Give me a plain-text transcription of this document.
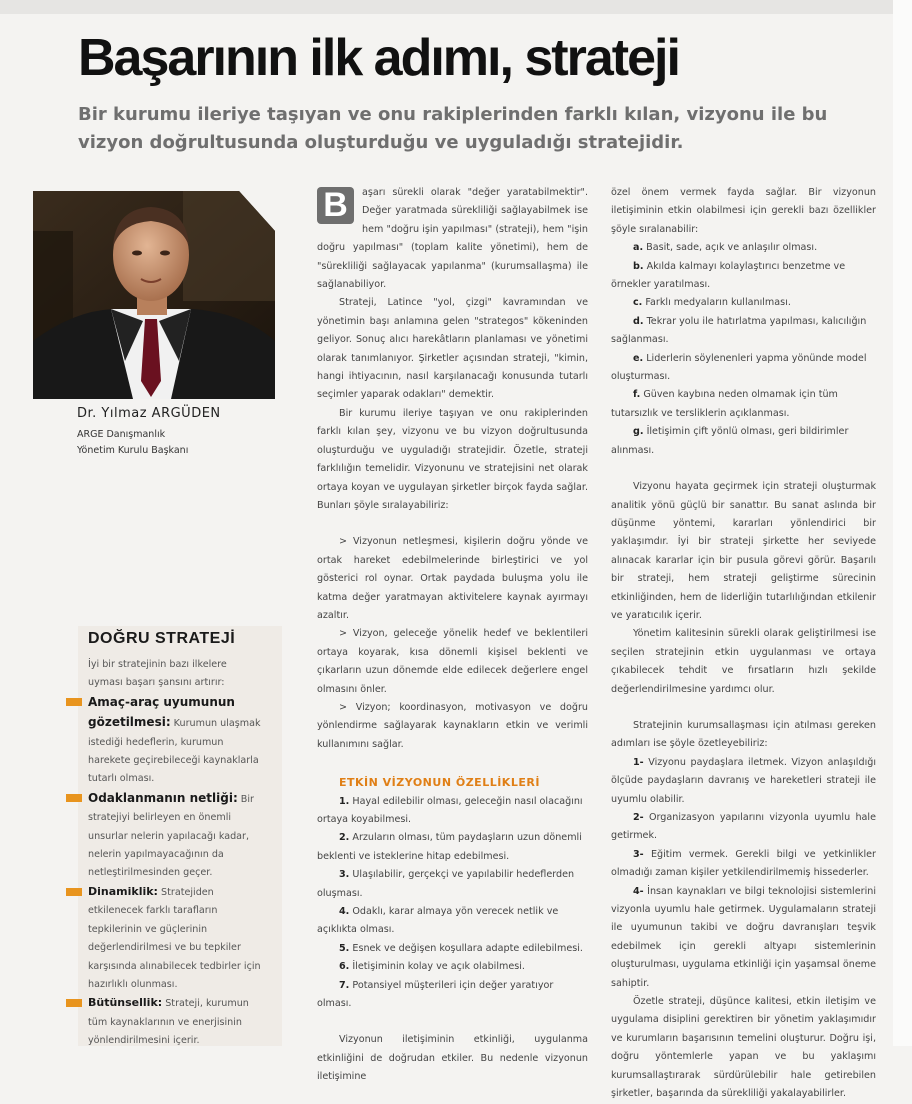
Başarının ilk adımı, strateji

Bir kurumu ileriye taşıyan ve onu rakiplerinden farklı kılan, vizyonu ile bu vizyon doğrultusunda oluşturduğu ve uyguladığı stratejidir.

Dr. Yılmaz ARGÜDEN
ARGE Danışmanlık
Yönetim Kurulu Başkanı
DOĞRU STRATEJİ

İyi bir stratejinin bazı ilkelere uyması başarı şansını artırır:

Amaç-araç uyumunun gözetilmesi: Kurumun ulaşmak istediği hedeflerin, kurumun harekete geçirebileceği kaynaklarla tutarlı olması.

Odaklanmanın netliği: Bir stratejiyi belirleyen en önemli unsurlar nelerin yapılacağı kadar, nelerin yapılmayacağının da netleştirilmesinden geçer.

Dinamiklik: Stratejiden etkilenecek farklı tarafların tepkilerinin ve güçlerinin değerlendirilmesi ve bu tepkiler karşısında alınabilecek tedbirler için hazırlıklı olunması.

Bütünsellik: Strateji, kurumun tüm kaynaklarının ve enerjisinin yönlendirilmesini içerir.

B	aşarı sürekli olarak "değer yaratabilmektir". Değer yaratmada sürekliliği sağlayabilmek ise hem "doğru işin yapılması" (strateji), hem "işin doğru yapılması" (toplam kalite yönetimi), hem de "sürekliliği sağlayacak yapılanma" (kurumsallaşma) ile sağlanabiliyor.

Strateji, Latince "yol, çizgi" kavramından ve yönetimin başı anlamına gelen "strategos" kökeninden geliyor. Sonuç alıcı harekâtların planlaması ve yönetimi olarak tanımlanıyor. Şirketler açısından strateji, "kimin, hangi ihtiyacının, nasıl karşılanacağı konusunda tutarlı seçimler yaparak odakları" demektir.

Bir kurumu ileriye taşıyan ve onu rakiplerinden farklı kılan şey, vizyonu ve bu vizyon doğrultusunda oluşturduğu ve uyguladığı stratejidir. Özetle, strateji farklılığın temelidir. Vizyonunu ve stratejisini net olarak ortaya koyan ve uygulayan şirketler birçok fayda sağlar. Bunları şöyle sıralayabiliriz:

> Vizyonun netleşmesi, kişilerin doğru yönde ve ortak hareket edebilmelerinde birleştirici ve yol gösterici rol oynar. Ortak paydada buluşma yolu ile katma değer yaratmayan aktivitelere kaynak ayırmayı azaltır.

> Vizyon, geleceğe yönelik hedef ve beklentileri ortaya koyarak, kısa dönemli kişisel beklenti ve çıkarların uzun dönemde elde edilecek değerlere engel olmasını önler.

> Vizyon; koordinasyon, motivasyon ve doğru yönlendirme sağlayarak kaynakların etkin ve verimli kullanımını sağlar.

ETKİN VİZYONUN ÖZELLİKLERİ

1. Hayal edilebilir olması, geleceğin nasıl olacağını ortaya koyabilmesi.

2. Arzuların olması, tüm paydaşların uzun dönemli beklenti ve isteklerine hitap edebilmesi.

3. Ulaşılabilir, gerçekçi ve yapılabilir hedeflerden oluşması.

4. Odaklı, karar almaya yön verecek netlik ve açıklıkta olması.

5. Esnek ve değişen koşullara adapte edilebilmesi.

6. İletişiminin kolay ve açık olabilmesi.

7. Potansiyel müşterileri için değer yaratıyor olması.

Vizyonun iletişiminin etkinliği, uygulanma etkinliğini de doğrudan etkiler. Bu nedenle vizyonun iletişimine

özel önem vermek fayda sağlar. Bir vizyonun iletişiminin etkin olabilmesi için gerekli bazı özellikler şöyle sıralanabilir:

a. Basit, sade, açık ve anlaşılır olması.

b. Akılda kalmayı kolaylaştırıcı benzetme ve örnekler yaratılması.

c. Farklı medyaların kullanılması.

d. Tekrar yolu ile hatırlatma yapılması, kalıcılığın sağlanması.

e. Liderlerin söylenenleri yapma yönünde model oluşturması.

f. Güven kaybına neden olmamak için tüm tutarsızlık ve tersliklerin açıklanması.

g. İletişimin çift yönlü olması, geri bildirimler alınması.

Vizyonu hayata geçirmek için strateji oluşturmak analitik yönü güçlü bir sanattır. Bu sanat aslında bir düşünme yöntemi, kararları yönlendirici bir yaklaşımdır. İyi bir strateji şirkette her seviyede alınacak kararlar için bir pusula görevi görür. Başarılı bir strateji, hem strateji geliştirme sürecinin etkinliğinden, hem de liderliğin tutarlılığından etkilenir ve yaratıcılık içerir.

Yönetim kalitesinin sürekli olarak geliştirilmesi ise seçilen stratejinin etkin uygulanması ve ortaya çıkabilecek tehdit ve fırsatların hızlı şekilde değerlendirilmesine yardımcı olur.

Stratejinin kurumsallaşması için atılması gereken adımları ise şöyle özetleyebiliriz:

1- Vizyonu paydaşlara iletmek. Vizyon anlaşıldığı ölçüde paydaşların davranış ve hareketleri strateji ile uyumlu olabilir.

2- Organizasyon yapılarını vizyonla uyumlu hale getirmek.

3- Eğitim vermek. Gerekli bilgi ve yetkinlikler olmadığı zaman kişiler yetkilendirilmemiş hissederler.

4- İnsan kaynakları ve bilgi teknolojisi sistemlerini vizyonla uyumlu hale getirmek. Uygulamaların strateji ile uyumunun takibi ve doğru davranışları teşvik edebilmek için gerekli altyapı sistemlerinin oluşturulması, uygulama etkinliği için yaşamsal öneme sahiptir.

Özetle strateji, düşünce kalitesi, etkin iletişim ve uygulama disiplini gerektiren bir yönetim yaklaşımıdır ve kurumların başarısının temelini oluşturur. Doğru işi, doğru yöntemlerle yapan ve bu yaklaşımı kurumsallaştırarak sürdürülebilir hale getirebilen şirketler, başarında da sürekliliği yakalayabilirler.
